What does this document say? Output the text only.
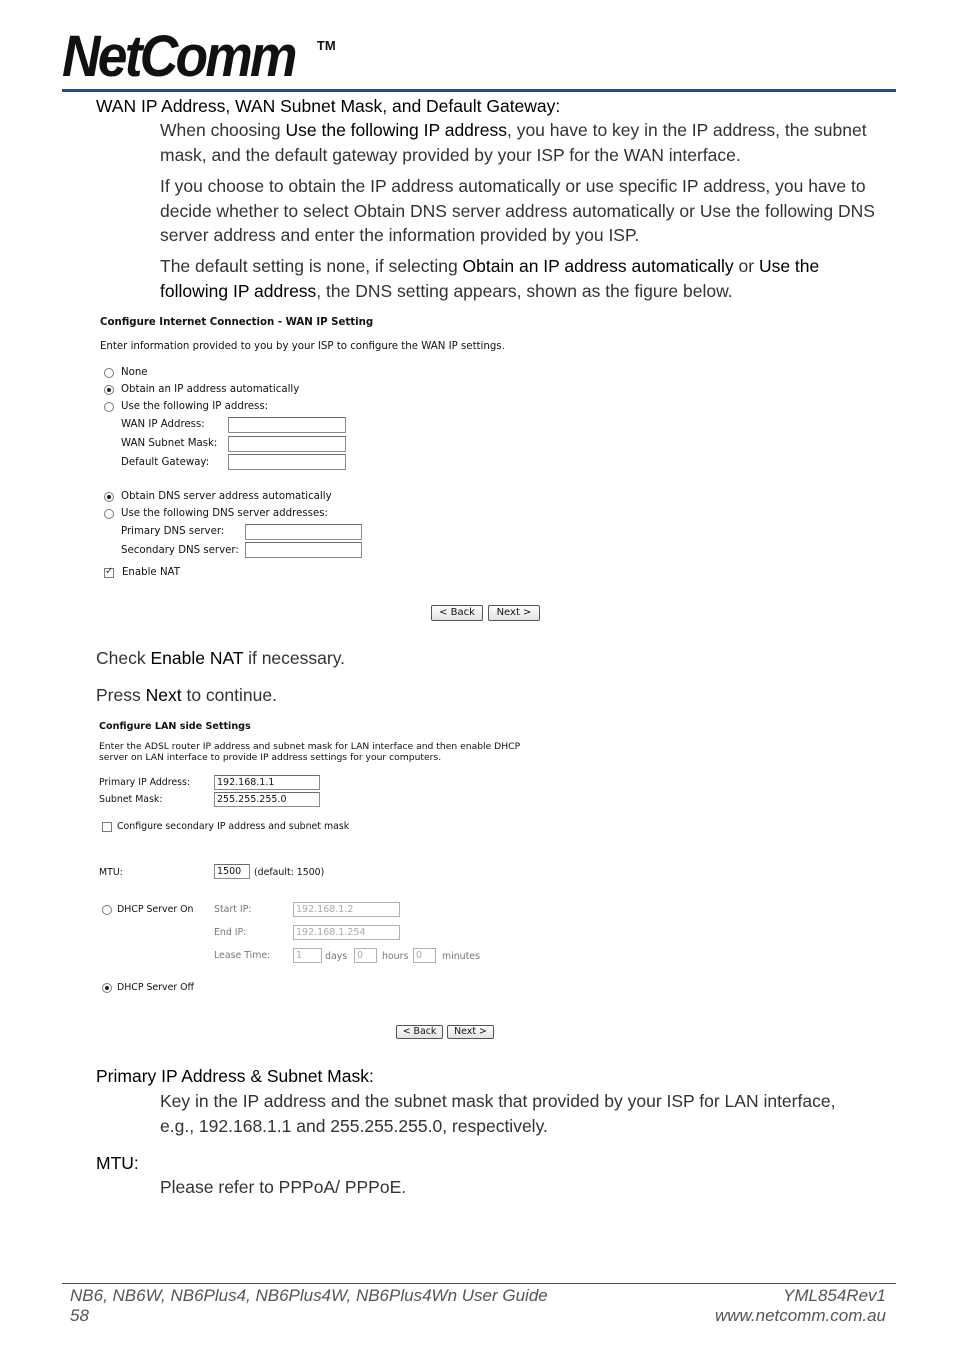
NetComm ™
WAN IP Address, WAN Subnet Mask, and Default Gateway:
When choosing Use the following IP address, you have to key in the IP address, the subnet mask, and the default gateway provided by your ISP for the WAN interface.
If you choose to obtain the IP address automatically or use specific IP address, you have to decide whether to select Obtain DNS server address automatically or Use the following DNS server address and enter the information provided by you ISP.
The default setting is none, if selecting Obtain an IP address automatically or Use the following IP address, the DNS setting appears, shown as the figure below.
Configure Internet Connection - WAN IP Setting
Enter information provided to you by your ISP to configure the WAN IP settings.
None
Obtain an IP address automatically
Use the following IP address:
WAN IP Address:
WAN Subnet Mask:
Default Gateway:
Obtain DNS server address automatically
Use the following DNS server addresses:
Primary DNS server:
Secondary DNS server:
✓
Enable NAT
< Back	Next >
Check Enable NAT if necessary.
Press Next to continue.
Configure LAN side Settings
Enter the ADSL router IP address and subnet mask for LAN interface and then enable DHCP
server on LAN interface to provide IP address settings for your computers.
Primary IP Address:	192.168.1.1
Subnet Mask:	255.255.255.0
Configure secondary IP address and subnet mask
MTU:	1500	(default: 1500)
DHCP Server On Start IP:	192.168.1.2
End IP:	192.168.1.254
Lease Time:	1	days	0	hours 0	minutes
DHCP Server Off
< Back	Next >
Primary IP Address & Subnet Mask:
Key in the IP address and the subnet mask that provided by your ISP for LAN interface, e.g., 192.168.1.1 and 255.255.255.0, respectively.
MTU:
Please refer to PPPoA/ PPPoE.
NB6, NB6W, NB6Plus4, NB6Plus4W, NB6Plus4Wn User Guide
58
YML854Rev1
www.netcomm.com.au
